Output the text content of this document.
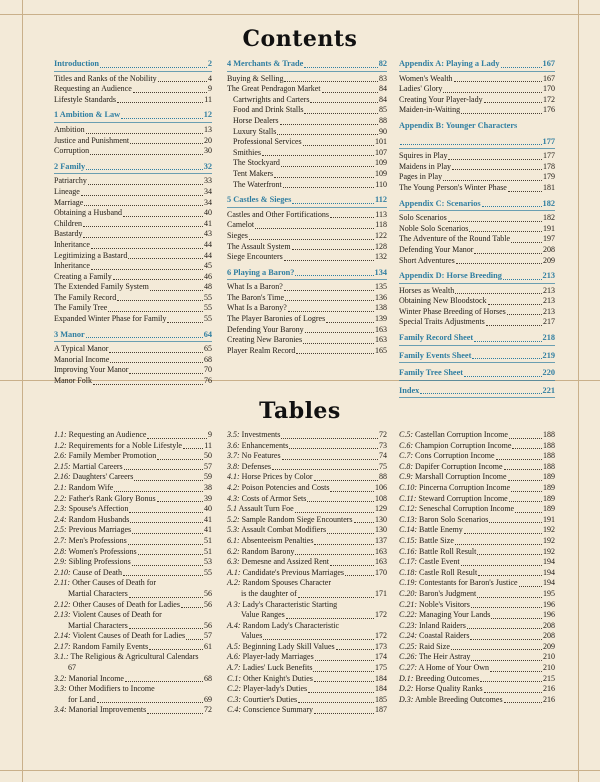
Contents
Introduction	2
Titles and Ranks of the Nobility	4
Requesting an Audience	9
Lifestyle Standards	11
1 Ambition & Law	12
Ambition	13
Justice and Punishment	20
Corruption	30
2 Family	32
Patriarchy	33
Lineage	34
Marriage	34
Obtaining a Husband	40
Children	41
Bastardy	43
Inheritance	44
Legitimizing a Bastard	44
Inheritance	45
Creating a Family	46
The Extended Family System	48
The Family Record	55
The Family Tree	55
Expanded Winter Phase for Family	55
3 Manor	64
A Typical Manor	65
Manorial Income	68
Improving Your Manor	70
Manor Folk	76
4 Merchants & Trade	82
Buying & Selling	83
The Great Pendragon Market	84
Cartwrights and Carters	84
Food and Drink Stalls	85
Horse Dealers	88
Luxury Stalls	90
Professional Services	101
Smithies	107
The Stockyard	109
Tent Makers	109
The Waterfront	110
5 Castles & Sieges	112
Castles and Other Fortifications	113
Camelot	118
Sieges	122
The Assault System	128
Siege Encounters	132
6 Playing a Baron?	134
What Is a Baron?	135
The Baron's Time	136
What Is a Barony?	138
The Player Baronies of Logres	139
Defending Your Barony	163
Creating New Baronies	163
Player Realm Record	165
Appendix A: Playing a Lady	167
Women's Wealth	167
Ladies' Glory	170
Creating Your Player-lady	172
Maiden-in-Waiting	176
Appendix B: Younger Characters
177
Squires in Play	177
Maidens in Play	178
Pages in Play	179
The Young Person's Winter Phase	181
Appendix C: Scenarios	182
Solo Scenarios	182
Noble Solo Scenarios	191
The Adventure of the Round Table	197
Defending Your Manor	208
Short Adventures	209
Appendix D: Horse Breeding	213
Horses as Wealth	213
Obtaining New Bloodstock	213
Winter Phase Breeding of Horses	213
Special Traits Adjustments	217
Family Record Sheet	218
Family Events Sheet	219
Family Tree Sheet	220
Index	221
Tables
1.1: Requesting an Audience	9
1.2: Requirements for a Noble Lifestyle	11
2.6: Family Member Promotion	50
2.15: Martial Careers	57
2.16: Daughters' Careers	59
2.1: Random Wife	38
2.2: Father's Rank Glory Bonus	39
2.3: Spouse's Affection	40
2.4: Random Husbands	41
2.5: Previous Marriages	41
2.7: Men's Professions	51
2.8: Women's Professions	51
2.9: Sibling Professions	53
2.10: Cause of Death	55
2.11: Other Causes of Death for
Martial Characters	56
2.12: Other Causes of Death for Ladies	56
2.13: Violent Causes of Death for
Martial Characters	56
2.14: Violent Causes of Death for Ladies 57
2.17: Random Family Events	61
3.1.: The Religious & Agricultural Calendars
67
3.2: Manorial Income	68
3.3: Other Modifiers to Income
for Land	69
3.4: Manorial Improvements	72
3.5: Investments	72
3.6: Enhancements	73
3.7: No Features	74
3.8: Defenses	75
4.1: Horse Prices by Color	88
4.2: Poison Potencies and Costs	106
4.3: Costs of Armor Sets	108
5.1 Assault Turn Foe	129
5.2: Sample Random Siege Encounters	130
5.3: Assault Combat Modifiers	130
6.1: Absenteeism Penalties	137
6.2: Random Barony	163
6.3: Demesne and Assized Rent	163
A.1: Candidate's Previous Marriages	170
A.2: Random Spouses Character
is the daughter of	171
A 3: Lady's Characteristic Starting
Value Ranges	172
A.4: Random Lady's Characteristic
Values	172
A.5: Beginning Lady Skill Values	173
A.6: Player-lady Marriages	174
A.7: Ladies' Luck Benefits	175
C.1: Other Knight's Duties	184
C.2: Player-lady's Duties	184
C.3: Courtier's Duties	185
C.4: Conscience Summary	187
C.5: Castellan Corruption Income	188
C.6: Champion Corruption Income	188
C.7: Cons Corruption Income	188
C.8: Dapifer Corruption Income	188
C.9: Marshall Corruption Income	189
C.10: Pincerna Corruption Income	189
C.11: Steward Corruption Income	189
C.12: Seneschal Corruption Income	189
C.13: Baron Solo Scenarios	191
C.14: Battle Enemy	192
C.15: Battle Size	192
C.16: Battle Roll Result	192
C.17: Castle Event	194
C.18: Castle Roll Result	194
C.19: Contestants for Baron's Justice	194
C.20: Baron's Judgment	195
C.21: Noble's Visitors	196
C.22: Managing Your Lands	196
C.23: Inland Raiders	208
C.24: Coastal Raiders	208
C.25: Raid Size	209
C.26: The Heir Astray	210
C.27: A Home of Your Own	210
D.1: Breeding Outcomes	215
D.2: Horse Quality Ranks	216
D.3: Amble Breeding Outcomes	216
